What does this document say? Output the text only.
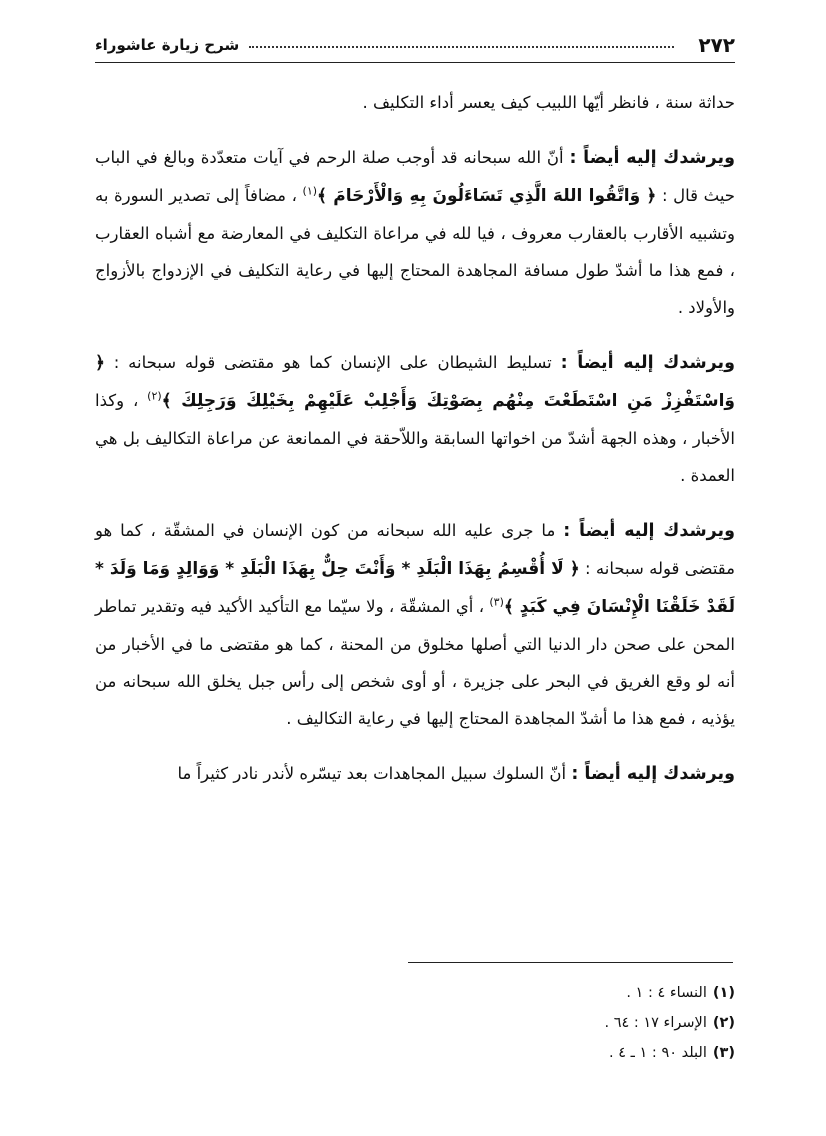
٢٧٢
شرح زيارة عاشوراء

حداثة سنة ، فانظر أيّها اللبيب كيف يعسر أداء التكليف .

ويرشدك إليه أيضاً : أنّ الله سبحانه قد أوجب صلة الرحم في آيات متعدّدة وبالغ في الباب حيث قال : ﴿ وَاتَّقُوا اللهَ الَّذِي تَسَاءَلُونَ بِهِ وَالْأَرْحَامَ ﴾$^{(١)}$ ، مضافاً إلى تصدير السورة به وتشبيه الأقارب بالعقارب معروف ، فيا لله في مراعاة التكليف في المعارضة مع أشباه العقارب ، فمع هذا ما أشدّ طول مسافة المجاهدة المحتاج إليها في رعاية التكليف في الإزدواج بالأزواج والأولاد .

ويرشدك إليه أيضاً : تسليط الشيطان على الإنسان كما هو مقتضى قوله سبحانه : ﴿ وَاسْتَفْزِزْ مَنِ اسْتَطَعْتَ مِنْهُم بِصَوْتِكَ وَأَجْلِبْ عَلَيْهِمْ بِخَيْلِكَ وَرَجِلِكَ ﴾$^{(٢)}$ ، وكذا الأخبار ، وهذه الجهة أشدّ من اخواتها السابقة واللاّحقة في الممانعة عن مراعاة التكاليف بل هي العمدة .

ويرشدك إليه أيضاً : ما جرى عليه الله سبحانه من كون الإنسان في المشقّة ، كما هو مقتضى قوله سبحانه : ﴿ لَا أُقْسِمُ بِهَذَا الْبَلَدِ * وَأَنْتَ حِلٌّ بِهَذَا الْبَلَدِ * وَوَالِدٍ وَمَا وَلَدَ * لَقَدْ خَلَقْنَا الْإِنْسَانَ فِي كَبَدٍ ﴾$^{(٣)}$ ، أي المشقّة ، ولا سيّما مع التأكيد الأكيد فيه وتقدير تماطر المحن على صحن دار الدنيا التي أصلها مخلوق من المحنة ، كما هو مقتضى ما في الأخبار من أنه لو وقع الغريق في البحر على جزيرة ، أو أوى شخص إلى رأس جبل يخلق الله سبحانه من يؤذيه ، فمع هذا ما أشدّ المجاهدة المحتاج إليها في رعاية التكاليف .

ويرشدك إليه أيضاً : أنّ السلوك سبيل المجاهدات بعد تيسّره لأندر نادر كثيراً ما

(١)النساء ٤ : ١ .
(٢)الإسراء ١٧ : ٦٤ .
(٣)البلد ٩٠ : ١ ـ ٤ .
